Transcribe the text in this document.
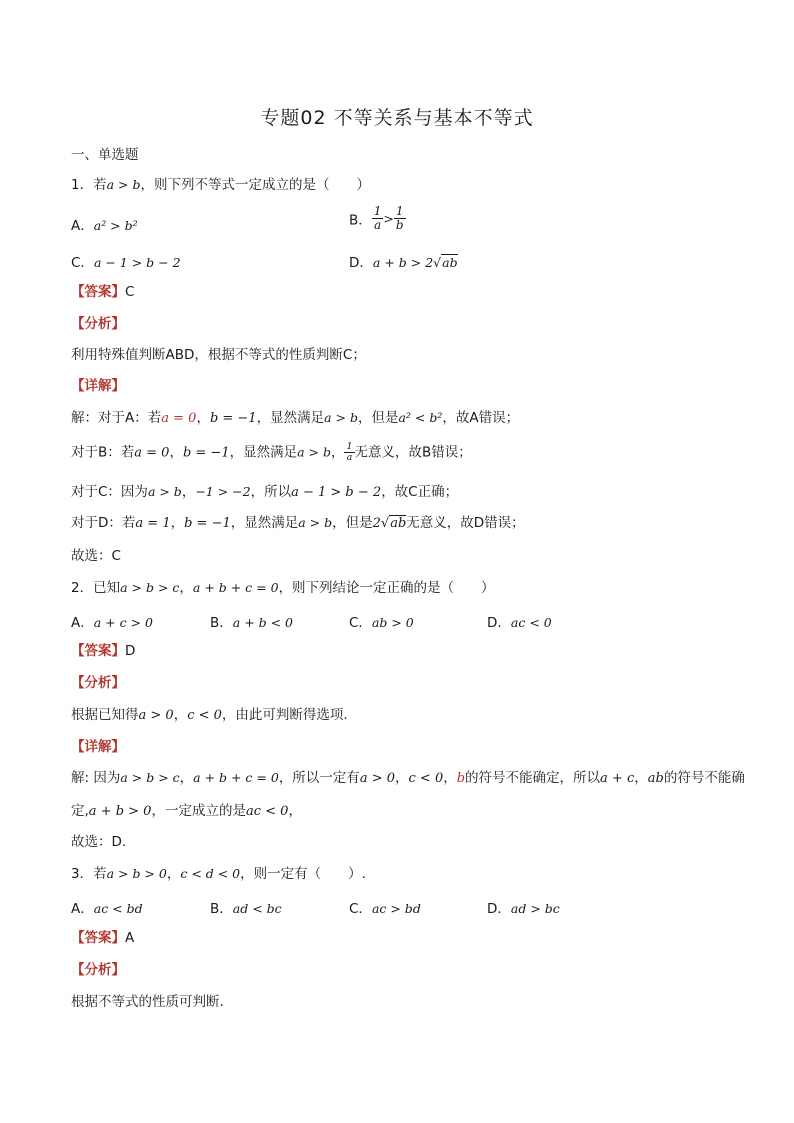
专题02 不等关系与基本不等式
一、单选题
1．若a > b，则下列不等式一定成立的是（　　）
A．a² > b²	B． $\frac{1}{a} > \frac{1}{b}$
C．a − 1 > b − 2	D．a + b > 2√ab
【答案】C
【分析】
利用特殊值判断ABD，根据不等式的性质判断C；
【详解】
解：对于A：若a = 0，b = −1，显然满足a > b，但是a² < b²，故A错误；
对于B：若a = 0，b = −1，显然满足a > b， $\frac{1}{a}$ 无意义，故B错误；
对于C：因为a > b，−1 > −2，所以a − 1 > b − 2，故C正确；
对于D：若a = 1，b = −1，显然满足a > b，但是2√ab无意义，故D错误；
故选：C
2．已知a > b > c，a + b + c = 0，则下列结论一定正确的是（　　）
A．a + c > 0	B．a + b < 0	C．ab > 0	D．ac < 0
【答案】D
【分析】
根据已知得a > 0，c < 0，由此可判断得选项.
【详解】
解: 因为a > b > c，a + b + c = 0，所以一定有a > 0，c < 0，b的符号不能确定，所以a + c，ab的符号不能确
定,a + b > 0，一定成立的是ac < 0，
故选：D.
3．若a > b > 0，c < d < 0，则一定有（　　）.
A．ac < bd	B．ad < bc	C．ac > bd	D．ad > bc
【答案】A
【分析】
根据不等式的性质可判断.
